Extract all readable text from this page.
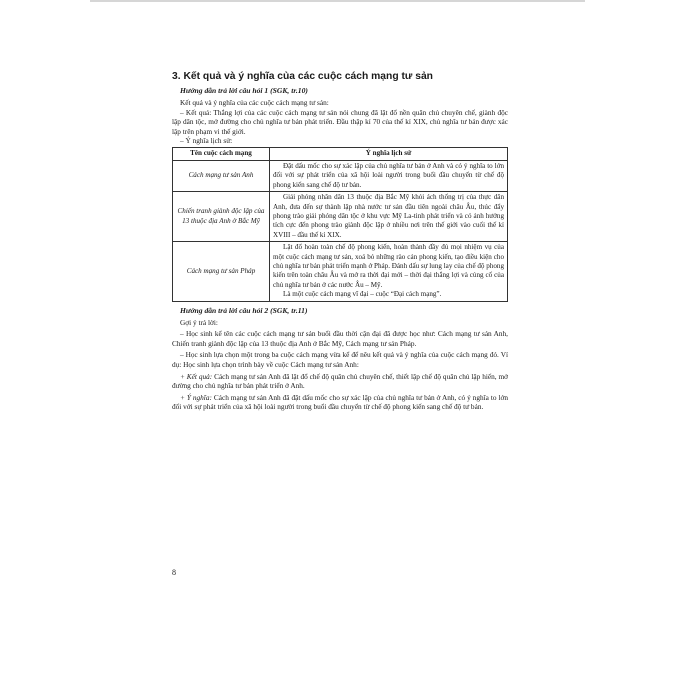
3. Kết quả và ý nghĩa của các cuộc cách mạng tư sản
Hướng dẫn trả lời câu hỏi 1 (SGK, tr.10)

Kết quả và ý nghĩa của các cuộc cách mạng tư sản:

– Kết quả: Thắng lợi của các cuộc cách mạng tư sản nói chung đã lật đổ nền quân chủ chuyên chế, giành độc lập dân tộc, mở đường cho chủ nghĩa tư bản phát triển. Đầu thập kỉ 70 của thế kỉ XIX, chủ nghĩa tư bản được xác lập trên phạm vi thế giới.

– Ý nghĩa lịch sử:

Tên cuộc cách mạng	Ý nghĩa lịch sử
Cách mạng tư sản Anh	Đặt dấu mốc cho sự xác lập của chủ nghĩa tư bản ở Anh và có ý nghĩa to lớn đối với sự phát triển của xã hội loài người trong buổi đầu chuyển từ chế độ phong kiến sang chế độ tư bản.

Chiến tranh giành độc lập của 13 thuộc địa Anh ở Bắc Mỹ	Giải phóng nhân dân 13 thuộc địa Bắc Mỹ khỏi ách thống trị của thực dân Anh, đưa đến sự thành lập nhà nước tư sản đầu tiên ngoài châu Âu, thúc đẩy phong trào giải phóng dân tộc ở khu vực Mỹ La-tinh phát triển và có ảnh hưởng tích cực đến phong trào giành độc lập ở nhiều nơi trên thế giới vào cuối thế kỉ XVIII – đầu thế kỉ XIX.

Cách mạng tư sản Pháp	Lật đổ hoàn toàn chế độ phong kiến, hoàn thành đầy đủ mọi nhiệm vụ của một cuộc cách mạng tư sản, xoá bỏ những rào cản phong kiến, tạo điều kiện cho chủ nghĩa tư bản phát triển mạnh ở Pháp. Đánh dấu sự lung lay của chế độ phong kiến trên toàn châu Âu và mở ra thời đại mới – thời đại thắng lợi và củng cố của chủ nghĩa tư bản ở các nước Âu – Mỹ.

Là một cuộc cách mạng vĩ đại – cuộc “Đại cách mạng”.

Hướng dẫn trả lời câu hỏi 2 (SGK, tr.11)

Gợi ý trả lời:

– Học sinh kể tên các cuộc cách mạng tư sản buổi đầu thời cận đại đã được học như: Cách mạng tư sản Anh, Chiến tranh giành độc lập của 13 thuộc địa Anh ở Bắc Mỹ, Cách mạng tư sản Pháp.

– Học sinh lựa chọn một trong ba cuộc cách mạng vừa kể để nêu kết quả và ý nghĩa của cuộc cách mạng đó. Ví dụ: Học sinh lựa chọn trình bày về cuộc Cách mạng tư sản Anh:

+ Kết quả: Cách mạng tư sản Anh đã lật đổ chế độ quân chủ chuyên chế, thiết lập chế độ quân chủ lập hiến, mở đường cho chủ nghĩa tư bản phát triển ở Anh.

+ Ý nghĩa: Cách mạng tư sản Anh đã đặt dấu mốc cho sự xác lập của chủ nghĩa tư bản ở Anh, có ý nghĩa to lớn đối với sự phát triển của xã hội loài người trong buổi đầu chuyển từ chế độ phong kiến sang chế độ tư bản.

8
